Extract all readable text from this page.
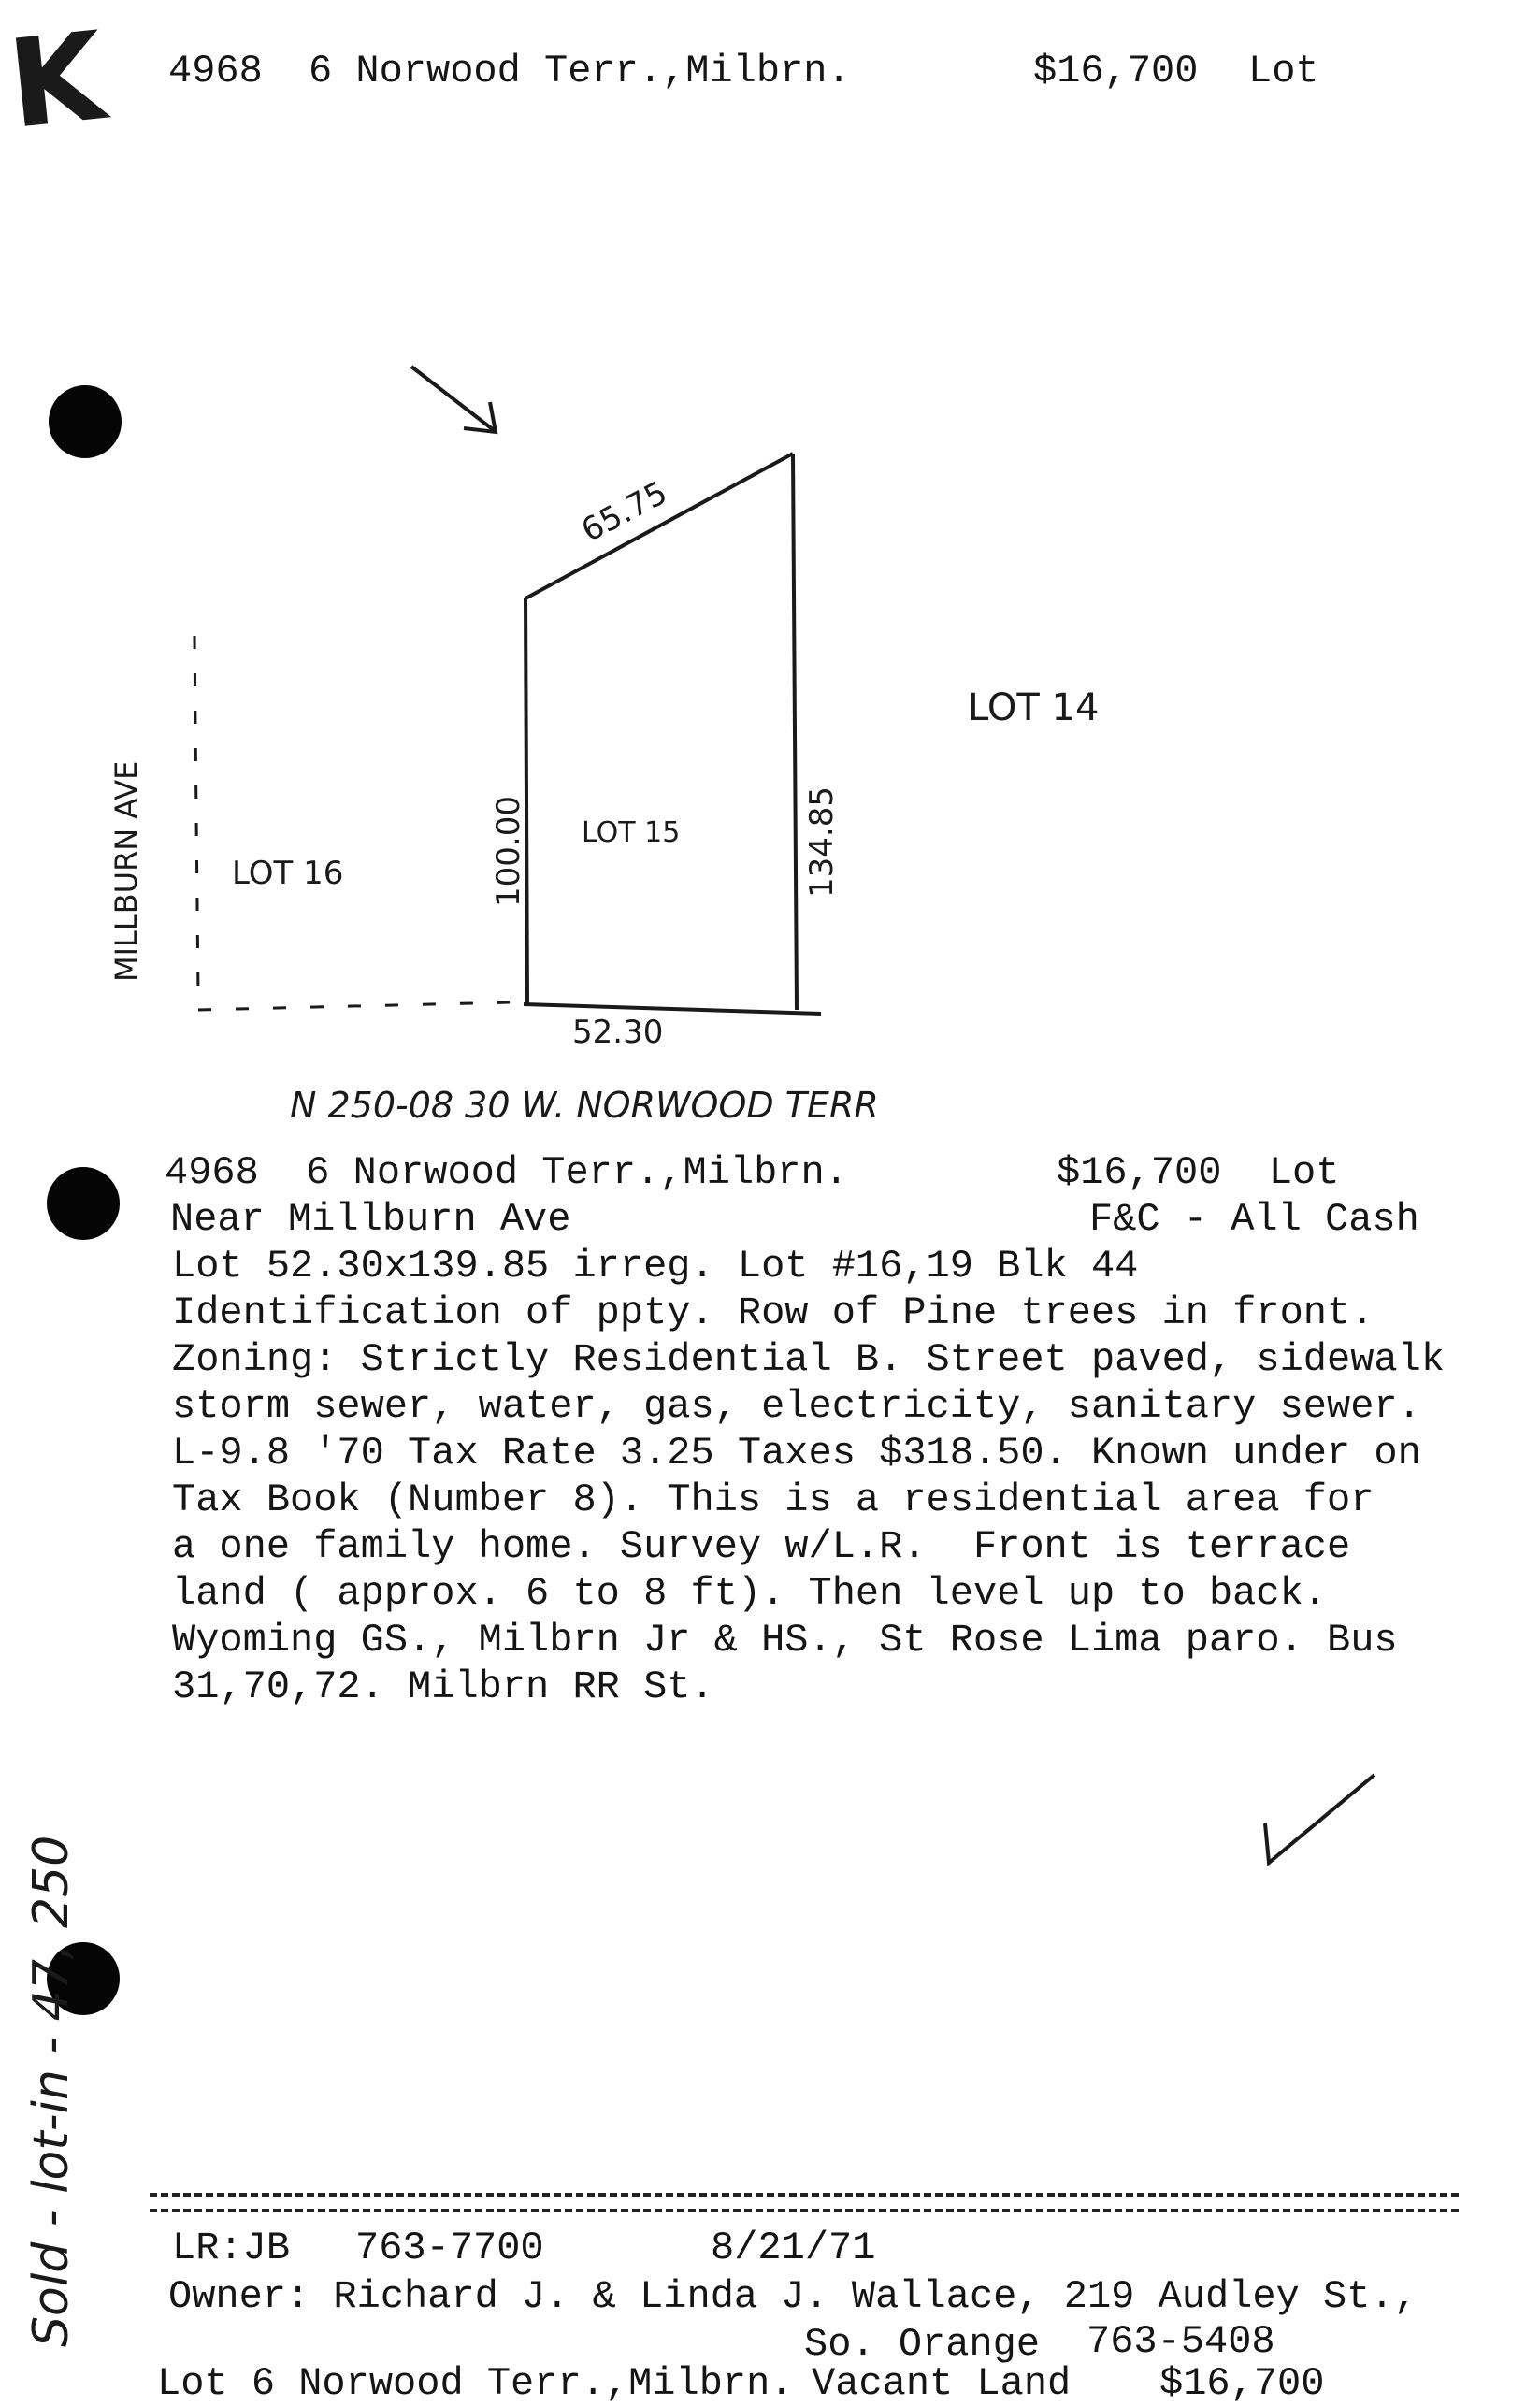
K 4968 6 Norwood Terr.,Milbrn.	$16,700 Lot
65.75
100.00	134.85
52.30
LOT 15
LOT 14
LOT 16
MILLBURN AVE
N 250-08 30 W. NORWOOD TERR
4968  6 Norwood Terr.,Milbrn.	$16,700  Lot
Near Millburn Ave	F&C - All Cash
Lot 52.30x139.85 irreg. Lot #16,19 Blk 44
Identification of ppty. Row of Pine trees in front.
Zoning: Strictly Residential B. Street paved, sidewalk
storm sewer, water, gas, electricity, sanitary sewer.
L-9.8 '70 Tax Rate 3.25 Taxes $318.50. Known under on
Tax Book (Number 8). This is a residential area for
a one family home. Survey w/L.R.  Front is terrace
land ( approx. 6 to 8 ft). Then level up to back.
Wyoming GS., Milbrn Jr & HS., St Rose Lima paro. Bus
31,70,72. Milbrn RR St.
Sold - lot-in - 47, 250 LR:JB 763-7700	8/21/71
Owner: Richard J. & Linda J. Wallace, 219 Audley St.,
So. Orange 763-5408
Lot 6 Norwood Terr.,Milbrn. Vacant Land $16,700
